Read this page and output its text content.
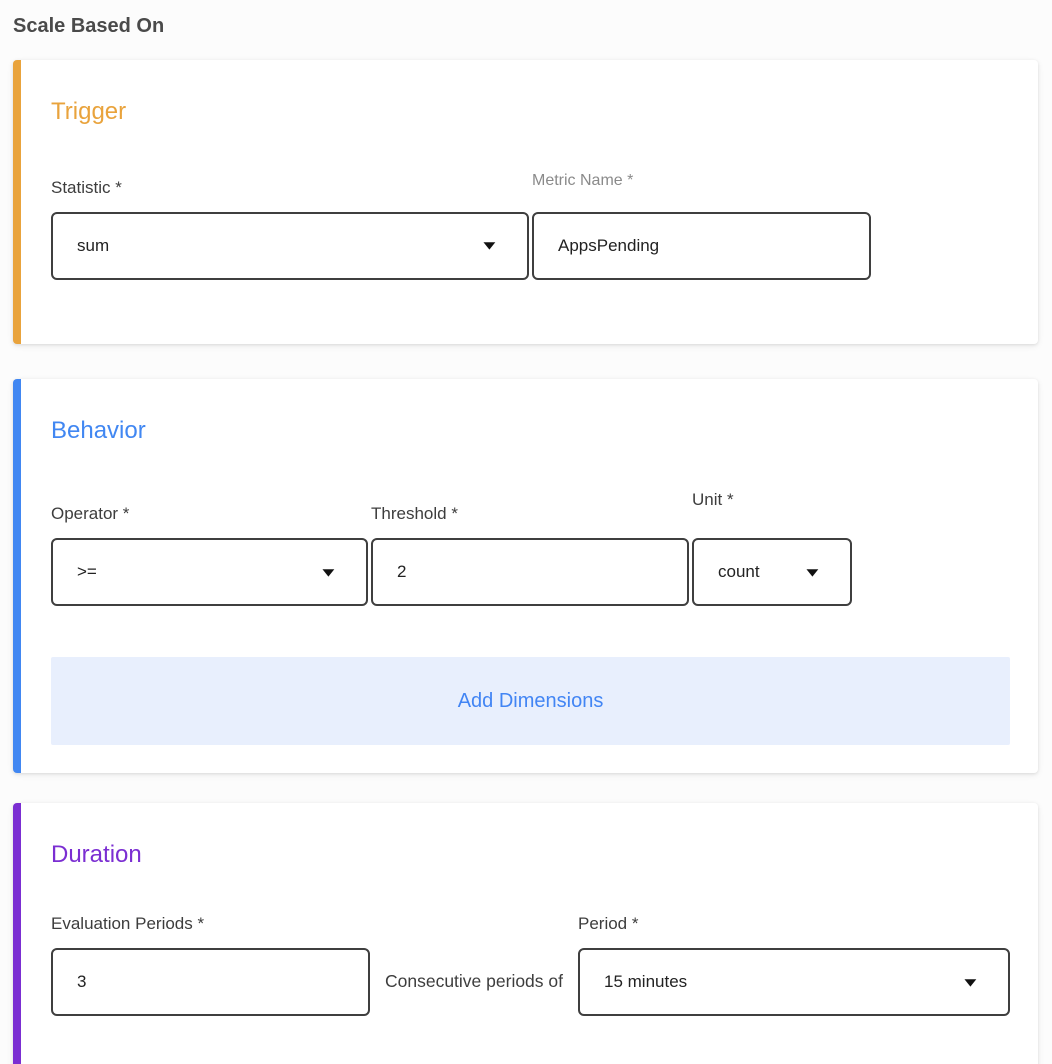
Scale Based On
Trigger
Statistic *
sum	▼
Metric Name *
AppsPending
Behavior
Operator *
>=	▼
Threshold *
2
Unit *
count	▼
Add Dimensions
Duration
Evaluation Periods *
3
Consecutive periods of
Period *
15 minutes	▼
